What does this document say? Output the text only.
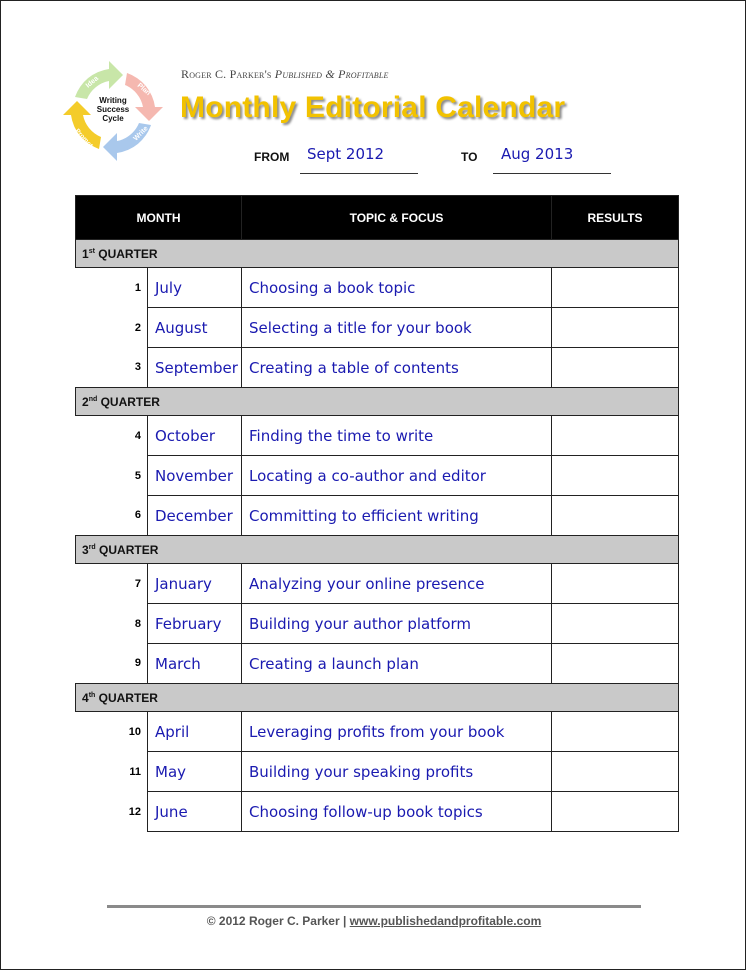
Idea	Plan
Write
Promote
Writing
Success
Cycle
Roger C. Parker's Published & Profitable
Monthly Editorial Calendar
FROM Sept 2012	TO Aug 2013
MONTH		TOPIC & FOCUS	RESULTS
1st QUARTER			
1	July	Choosing a book topic	
2	August	Selecting a title for your book	
3	September	Creating a table of contents	
2nd QUARTER			
4	October	Finding the time to write	
5	November	Locating a co-author and editor	
6	December	Committing to efficient writing	
3rd QUARTER			
7	January	Analyzing your online presence	
8	February	Building your author platform	
9	March	Creating a launch plan	
4th QUARTER			
10	April	Leveraging profits from your book	
11	May	Building your speaking profits	
12	June	Choosing follow-up book topics	
© 2012 Roger C. Parker | www.publishedandprofitable.com
